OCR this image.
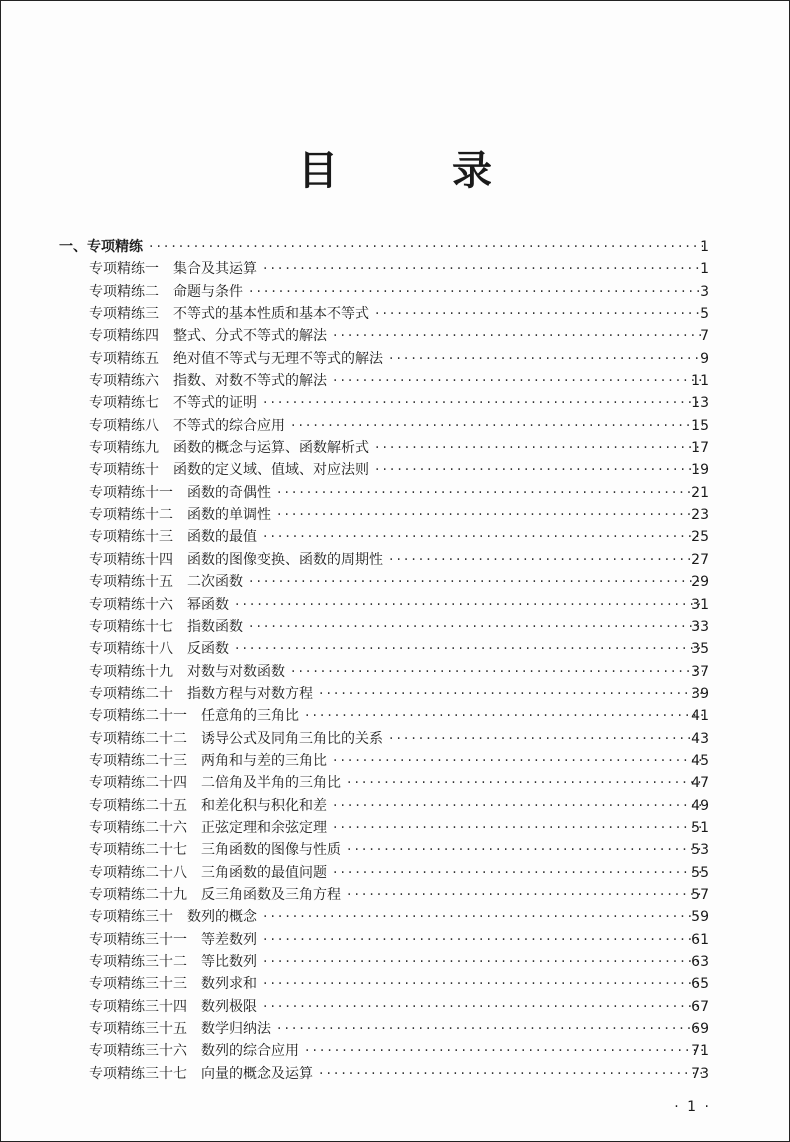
目 录
一、专项精练 ·····	1
专项精练一 集合及其运算 ·····	1
专项精练二 命题与条件 ·····	3
专项精练三 不等式的基本性质和基本不等式 ·····	5
专项精练四 整式、分式不等式的解法 ·····	7
专项精练五 绝对值不等式与无理不等式的解法 ·····	9
专项精练六 指数、对数不等式的解法 ·····	11
专项精练七 不等式的证明 ·····	13
专项精练八 不等式的综合应用 ·····	15
专项精练九 函数的概念与运算、函数解析式 ·····	17
专项精练十 函数的定义域、值域、对应法则 ·····	19
专项精练十一 函数的奇偶性 ·····	21
专项精练十二 函数的单调性 ·····	23
专项精练十三 函数的最值 ·····	25
专项精练十四 函数的图像变换、函数的周期性 ·····	27
专项精练十五 二次函数 ·····	29
专项精练十六 幂函数 ·····	31
专项精练十七 指数函数 ·····	33
专项精练十八 反函数 ·····	35
专项精练十九 对数与对数函数 ·····	37
专项精练二十 指数方程与对数方程 ·····	39
专项精练二十一 任意角的三角比 ·····	41
专项精练二十二 诱导公式及同角三角比的关系 ·····	43
专项精练二十三 两角和与差的三角比 ·····	45
专项精练二十四 二倍角及半角的三角比 ·····	47
专项精练二十五 和差化积与积化和差 ·····	49
专项精练二十六 正弦定理和余弦定理 ·····	51
专项精练二十七 三角函数的图像与性质 ·····	53
专项精练二十八 三角函数的最值问题 ·····	55
专项精练二十九 反三角函数及三角方程 ·····	57
专项精练三十 数列的概念 ·····	59
专项精练三十一 等差数列 ·····	61
专项精练三十二 等比数列 ·····	63
专项精练三十三 数列求和 ·····	65
专项精练三十四 数列极限 ·····	67
专项精练三十五 数学归纳法 ·····	69
专项精练三十六 数列的综合应用 ·····	71
专项精练三十七 向量的概念及运算 ·····	73
· 1 ·
